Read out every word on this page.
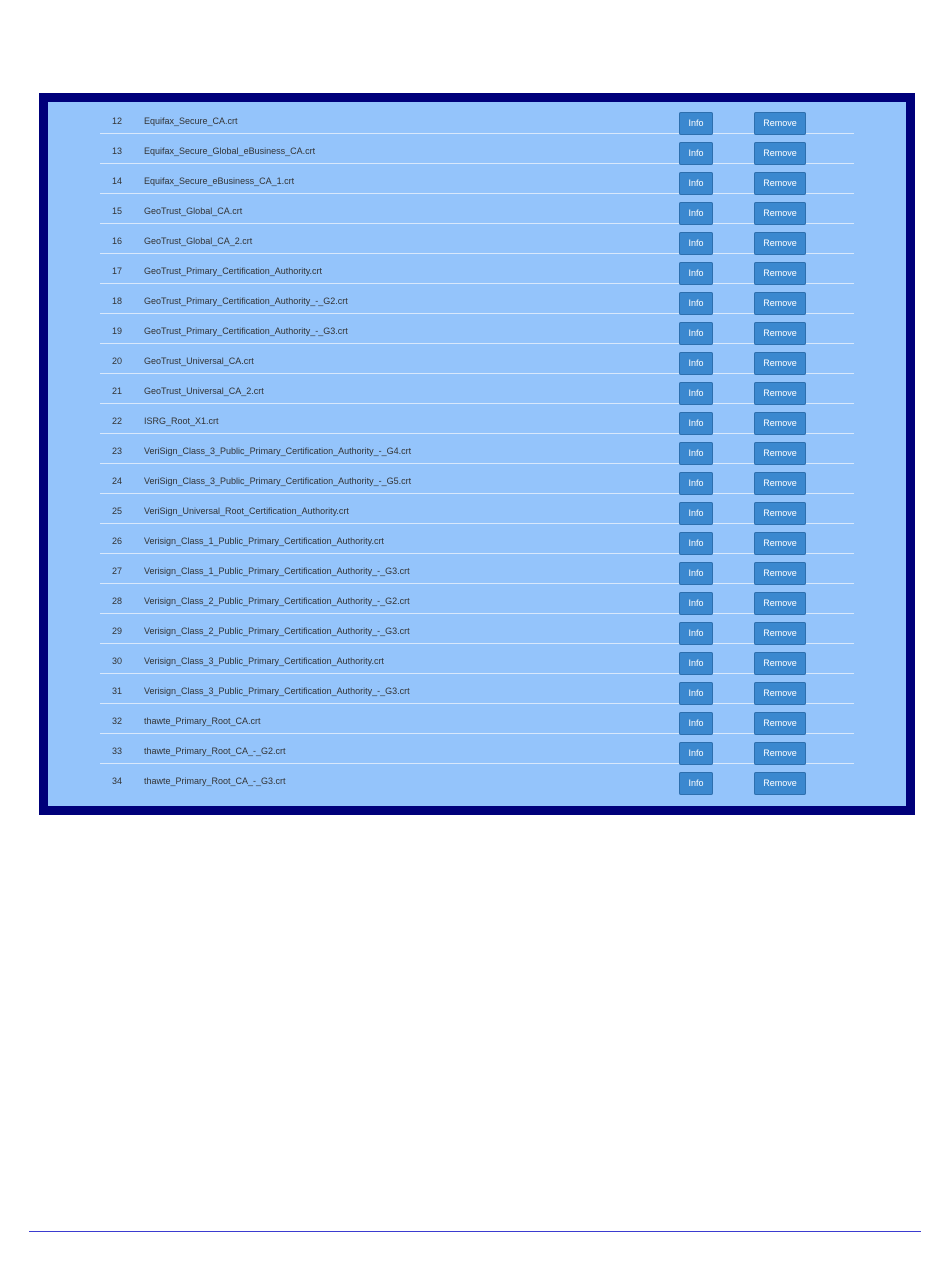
12 Equifax_Secure_CA.crt	Info	Remove
13 Equifax_Secure_Global_eBusiness_CA.crt	Info	Remove
14 Equifax_Secure_eBusiness_CA_1.crt	Info	Remove
15 GeoTrust_Global_CA.crt	Info	Remove
16 GeoTrust_Global_CA_2.crt	Info	Remove
17 GeoTrust_Primary_Certification_Authority.crt	Info	Remove
18 GeoTrust_Primary_Certification_Authority_-_G2.crt	Info	Remove
19 GeoTrust_Primary_Certification_Authority_-_G3.crt	Info	Remove
20 GeoTrust_Universal_CA.crt	Info	Remove
21 GeoTrust_Universal_CA_2.crt	Info	Remove
22 ISRG_Root_X1.crt	Info	Remove
23 VeriSign_Class_3_Public_Primary_Certification_Authority_-_G4.crt	Info	Remove
24 VeriSign_Class_3_Public_Primary_Certification_Authority_-_G5.crt	Info	Remove
25 VeriSign_Universal_Root_Certification_Authority.crt	Info	Remove
26 Verisign_Class_1_Public_Primary_Certification_Authority.crt	Info	Remove
27 Verisign_Class_1_Public_Primary_Certification_Authority_-_G3.crt	Info	Remove
28 Verisign_Class_2_Public_Primary_Certification_Authority_-_G2.crt	Info	Remove
29 Verisign_Class_2_Public_Primary_Certification_Authority_-_G3.crt	Info	Remove
30 Verisign_Class_3_Public_Primary_Certification_Authority.crt	Info	Remove
31 Verisign_Class_3_Public_Primary_Certification_Authority_-_G3.crt	Info	Remove
32 thawte_Primary_Root_CA.crt	Info	Remove
33 thawte_Primary_Root_CA_-_G2.crt	Info	Remove
34 thawte_Primary_Root_CA_-_G3.crt	Info	Remove
